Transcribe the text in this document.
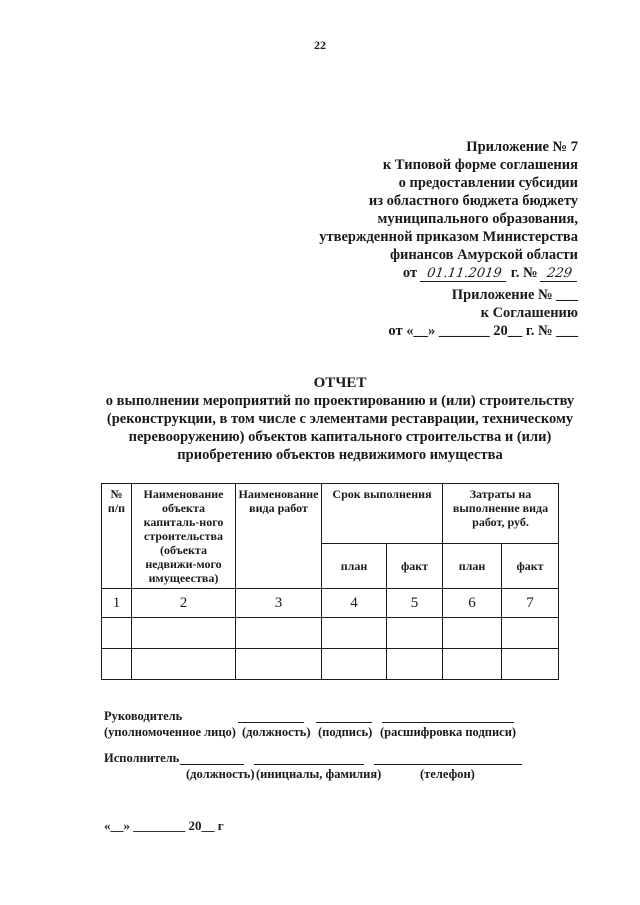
22
Приложение № 7
к Типовой форме соглашения
о предоставлении субсидии
из областного бюджета бюджету
муниципального образования,
утвержденной приказом Министерства
финансов Амурской области
от 01.11.2019 г. № 229
Приложение № ___
к Соглашению
от «__» _______ 20__ г. № ___
ОТЧЕТ
о выполнении мероприятий по проектированию и (или) строительству
(реконструкции, в том числе с элементами реставрации, техническому
перевооружению) объектов капитального строительства и (или)
приобретению объектов недвижимого имущества
№ п/п	Наименование объекта капиталь-ного строительства (объекта недвижи-мого имущеества)	Наименование вида работ	Срок выполнения		Затраты на выполнение вида работ, руб.	
			план	факт	план	факт
1	2	3	4	5	6	7

Руководитель
(уполномоченное лицо) (должность) (подпись) (расшифровка подписи)
Исполнитель
(должность) (инициалы, фамилия)	(телефон)
«__» ________ 20__ г
